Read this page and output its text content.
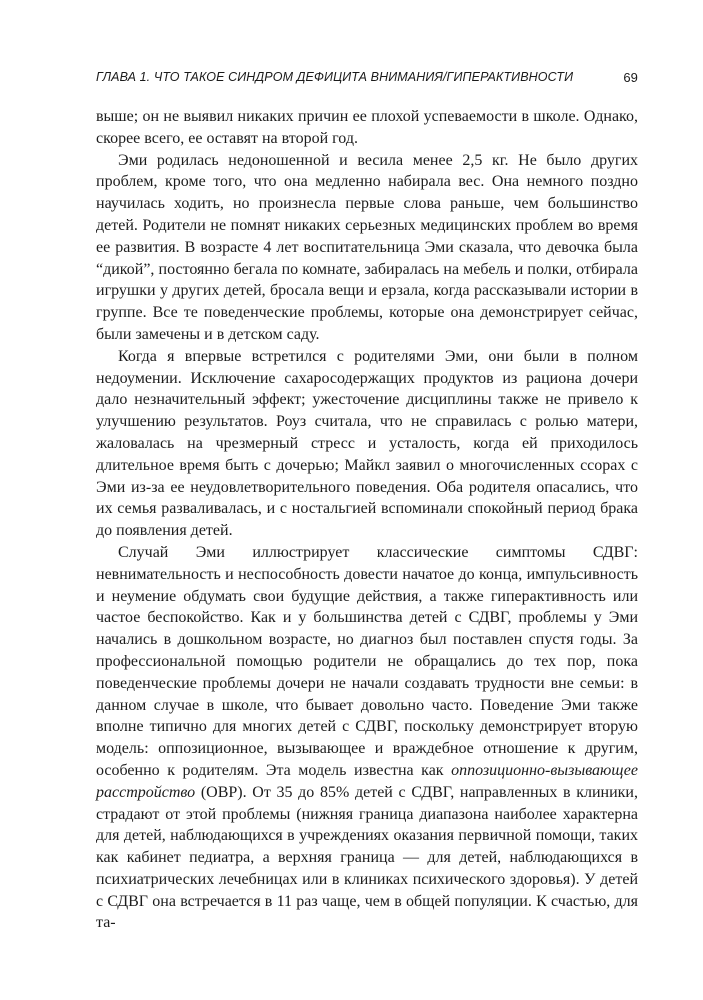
ГЛАВА 1. ЧТО ТАКОЕ СИНДРОМ ДЕФИЦИТА ВНИМАНИЯ/ГИПЕРАКТИВНОСТИ	69

выше; он не выявил никаких причин ее плохой успеваемости в школе. Однако, скорее всего, ее оставят на второй год.

Эми родилась недоношенной и весила менее 2,5 кг. Не было других проблем, кроме того, что она медленно набирала вес. Она немного поздно научилась ходить, но произнесла первые слова раньше, чем большинство детей. Родители не помнят никаких серьезных медицинских проблем во время ее развития. В возрасте 4 лет воспитательница Эми сказала, что девочка была “дикой”, постоянно бегала по комнате, забиралась на мебель и полки, отбирала игрушки у других детей, бросала вещи и ерзала, когда рассказывали истории в группе. Все те поведенческие проблемы, которые она демонстрирует сейчас, были замечены и в детском саду.

Когда я впервые встретился с родителями Эми, они были в полном недоумении. Исключение сахаросодержащих продуктов из рациона дочери дало незначительный эффект; ужесточение дисциплины также не привело к улучшению результатов. Роуз считала, что не справилась с ролью матери, жаловалась на чрезмерный стресс и усталость, когда ей приходилось длительное время быть с дочерью; Майкл заявил о многочисленных ссорах с Эми из-за ее неудовлетворительного поведения. Оба родителя опасались, что их семья разваливалась, и с ностальгией вспоминали спокойный период брака до появления детей.

Случай Эми иллюстрирует классические симптомы СДВГ: невнимательность и неспособность довести начатое до конца, импульсивность и неумение обдумать свои будущие действия, а также гиперактивность или частое беспокойство. Как и у большинства детей с СДВГ, проблемы у Эми начались в дошкольном возрасте, но диагноз был поставлен спустя годы. За профессиональной помощью родители не обращались до тех пор, пока поведенческие проблемы дочери не начали создавать трудности вне семьи: в данном случае в школе, что бывает довольно часто. Поведение Эми также вполне типично для многих детей с СДВГ, поскольку демонстрирует вторую модель: оппозиционное, вызывающее и враждебное отношение к другим, особенно к родителям. Эта модель известна как оппозиционно-вызывающее расстройство (ОВР). От 35 до 85% детей с СДВГ, направленных в клиники, страдают от этой проблемы (нижняя граница диапазона наиболее характерна для детей, наблюдающихся в учреждениях оказания первичной помощи, таких как кабинет педиатра, а верхняя граница — для детей, наблюдающихся в психиатрических лечебницах или в клиниках психического здоровья). У детей с СДВГ она встречается в 11 раз чаще, чем в общей популяции. К счастью, для та-
